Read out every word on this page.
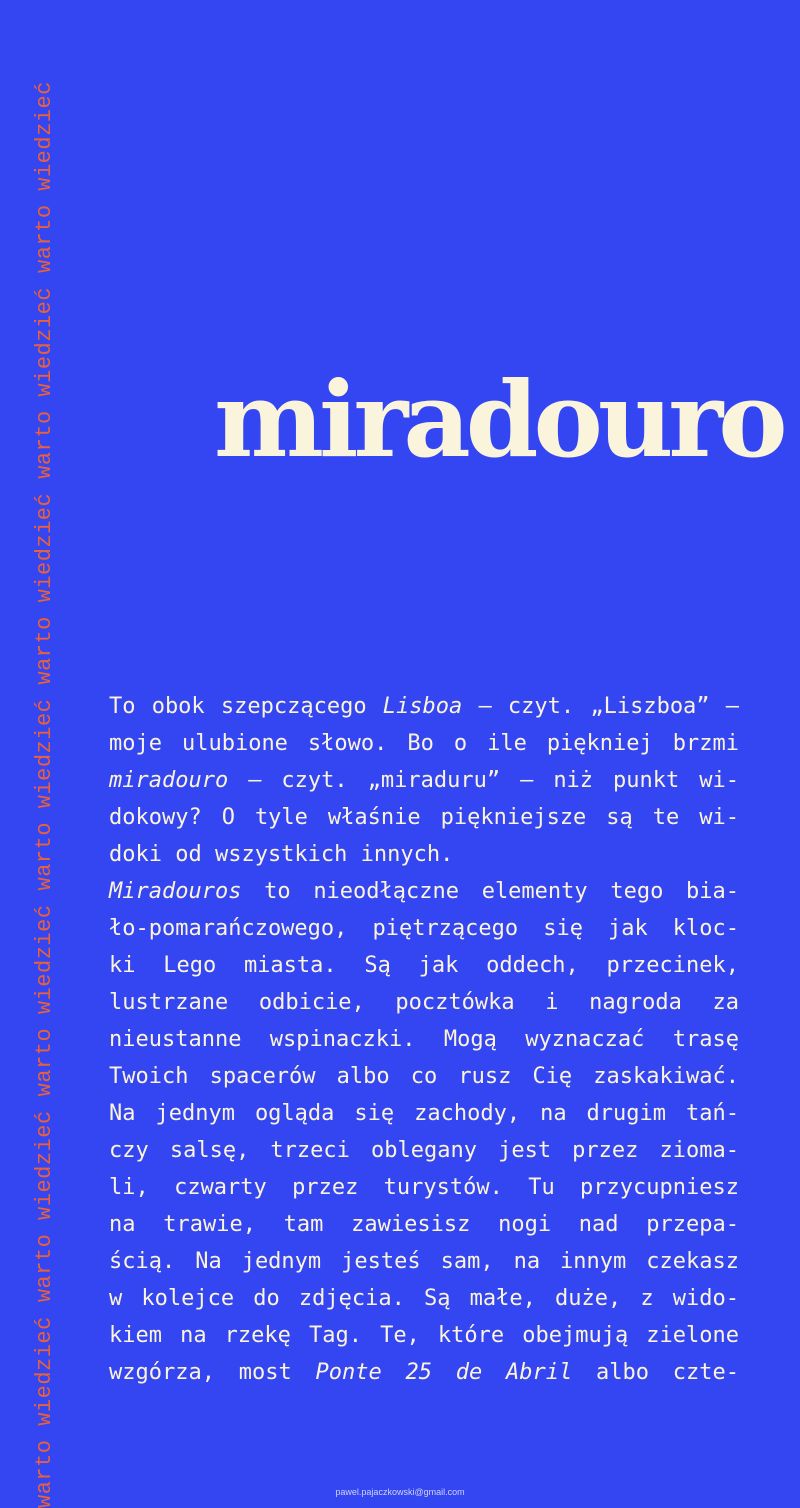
warto wiedziećwarto wiedziećwarto wiedziećwarto wiedziećwarto wiedziećwarto wiedziećwarto wiedzieć
miradouro
To obok szepczącego Lisboa – czyt. „Liszboa” –
moje ulubione słowo. Bo o ile piękniej brzmi
miradouro – czyt. „miraduru” – niż punkt wi-
dokowy? O tyle właśnie piękniejsze są te wi-
doki od wszystkich innych.
Miradouros to nieodłączne elementy tego bia-
ło-pomarańczowego, piętrzącego się jak kloc-
ki Lego miasta. Są jak oddech, przecinek,
lustrzane odbicie, pocztówka i nagroda za
nieustanne wspinaczki. Mogą wyznaczać trasę
Twoich spacerów albo co rusz Cię zaskakiwać.
Na jednym ogląda się zachody, na drugim tań-
czy salsę, trzeci oblegany jest przez zioma-
li, czwarty przez turystów. Tu przycupniesz
na trawie, tam zawiesisz nogi nad przepa-
ścią. Na jednym jesteś sam, na innym czekasz
w kolejce do zdjęcia. Są małe, duże, z wido-
kiem na rzekę Tag. Te, które obejmują zielone
wzgórza, most Ponte 25 de Abril albo czte-
pawel.pajaczkowski@gmail.com
